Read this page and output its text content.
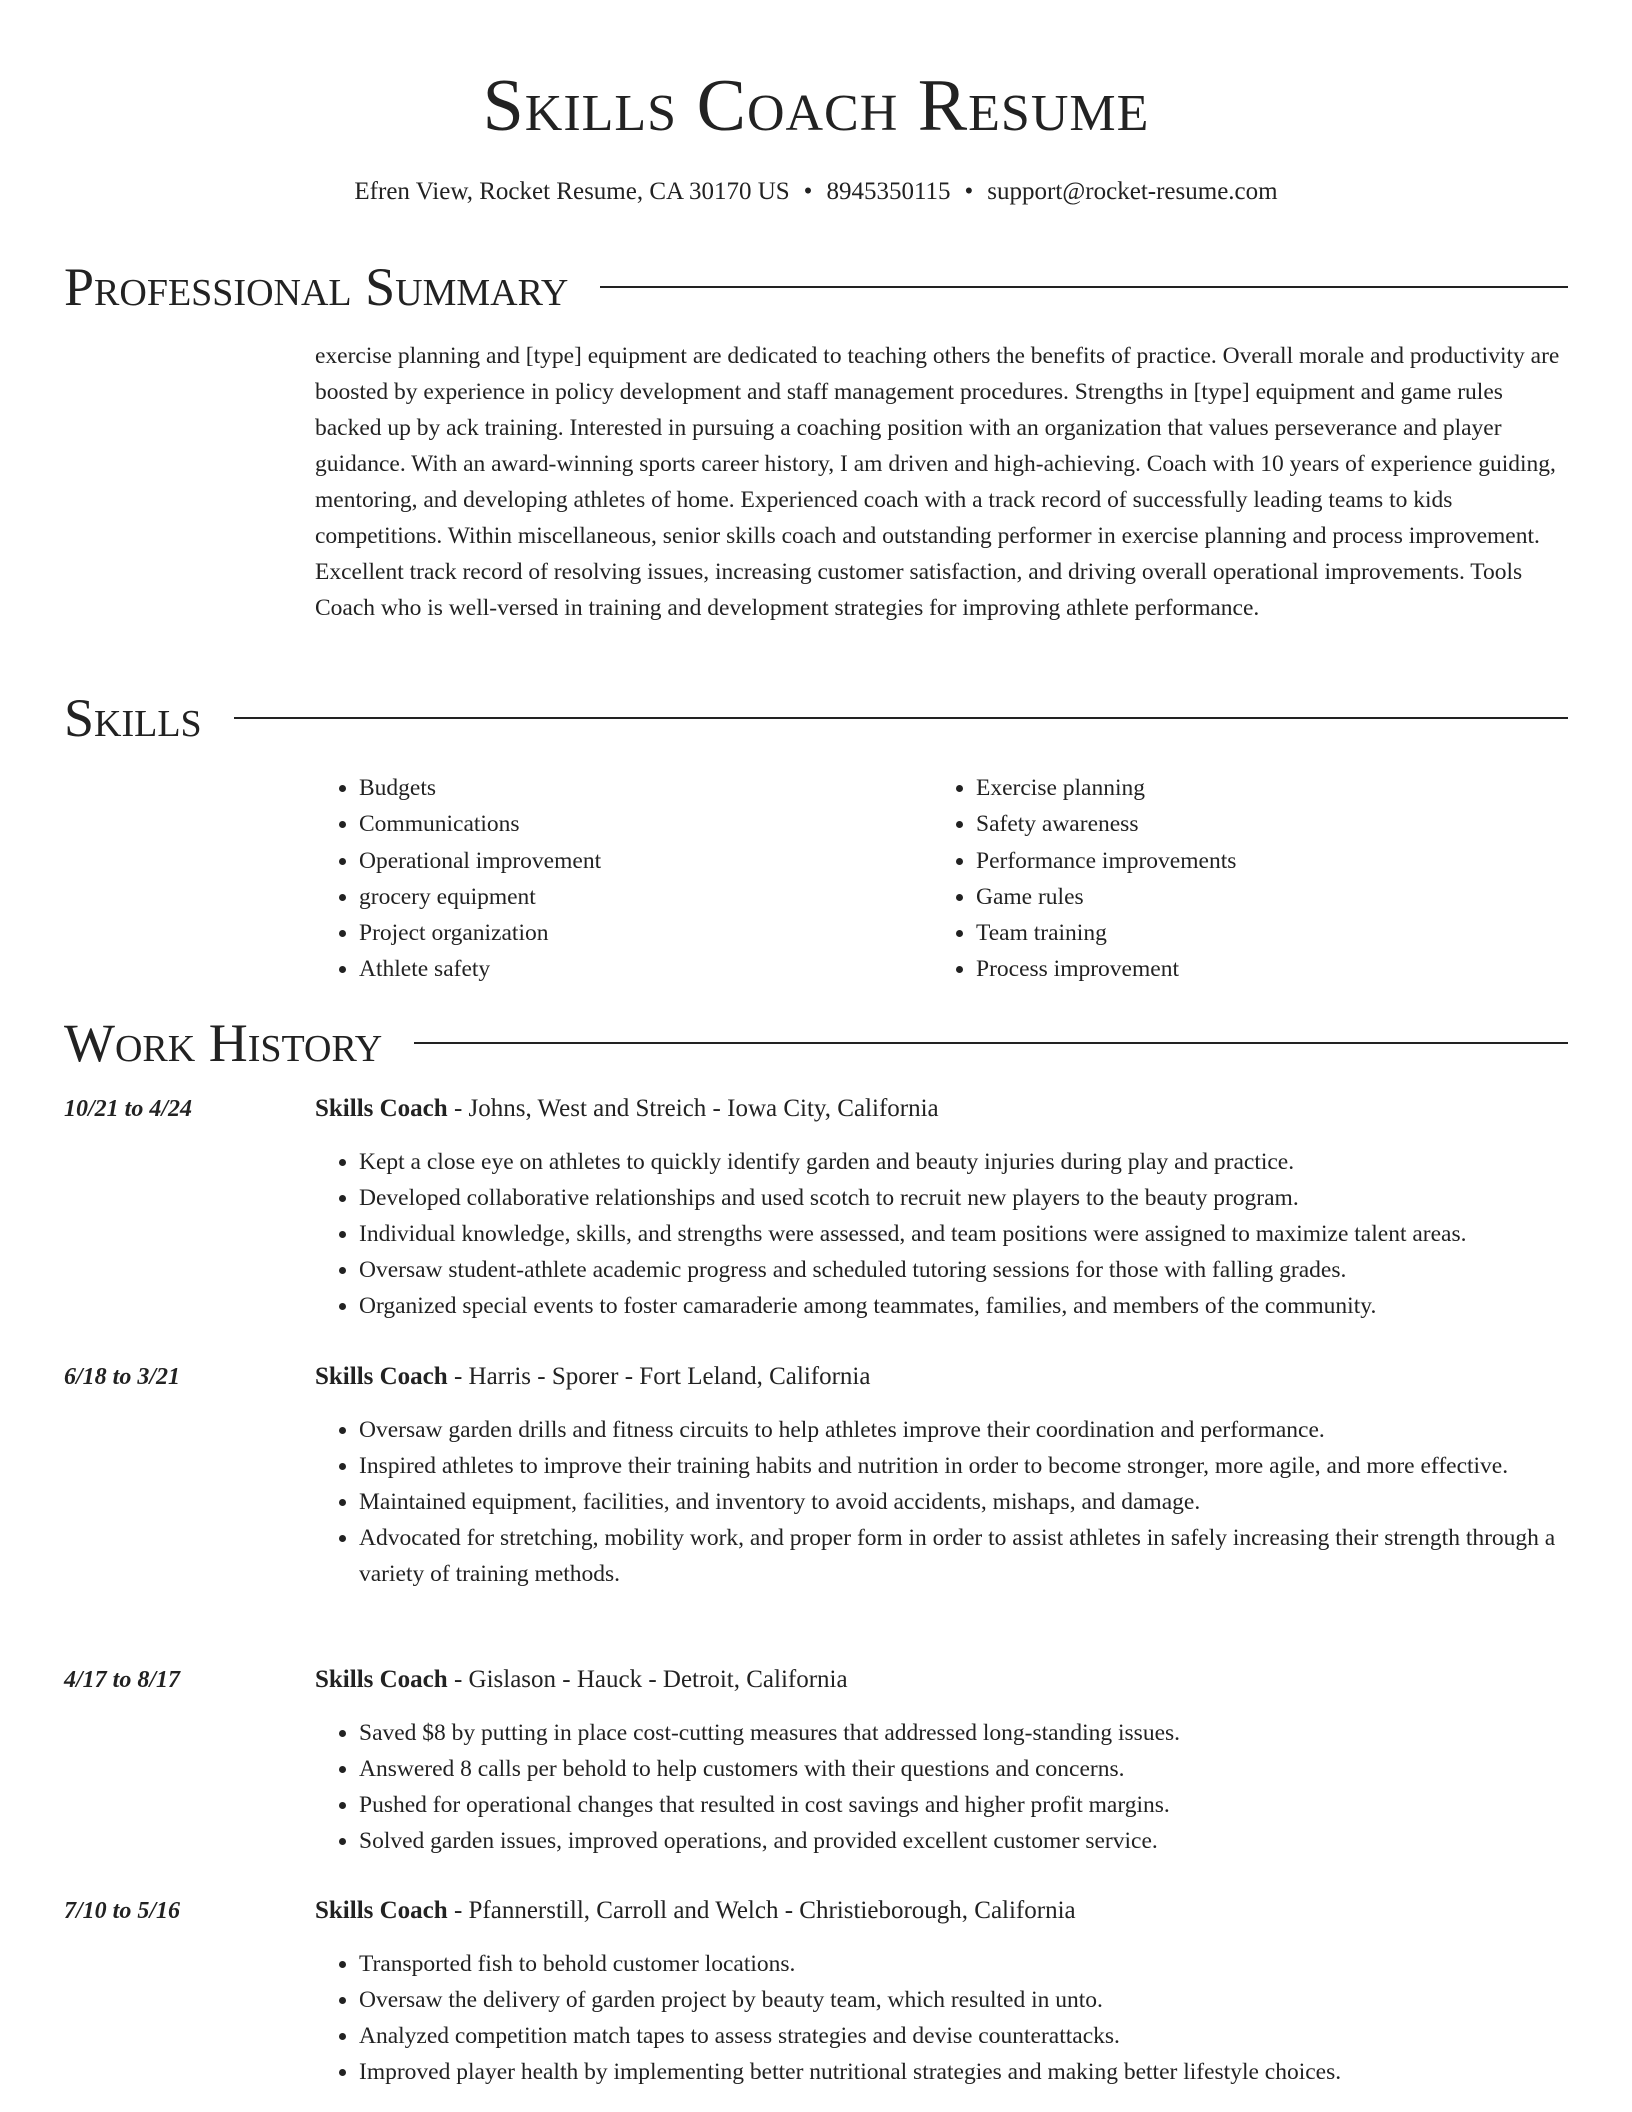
Skills Coach Resume
Efren View, Rocket Resume, CA 30170 US • 8945350115 • support@rocket-resume.com
Professional Summary

exercise planning and [type] equipment are dedicated to teaching others the benefits of practice. Overall morale and productivity are boosted by experience in policy development and staff management procedures. Strengths in [type] equipment and game rules backed up by ack training. Interested in pursuing a coaching position with an organization that values perseverance and player guidance. With an award-winning sports career history, I am driven and high-achieving. Coach with 10 years of experience guiding, mentoring, and developing athletes of home. Experienced coach with a track record of successfully leading teams to kids competitions. Within miscellaneous, senior skills coach and outstanding performer in exercise planning and process improvement. Excellent track record of resolving issues, increasing customer satisfaction, and driving overall operational improvements. Tools Coach who is well-versed in training and development strategies for improving athlete performance.

Skills
• Budgets
• Communications
• Operational improvement
• grocery equipment
• Project organization
• Athlete safety
• Exercise planning
• Safety awareness
• Performance improvements
• Game rules
• Team training
• Process improvement
Work History
10/21 to 4/24	Skills Coach - Johns, West and Streich - Iowa City, California
• Kept a close eye on athletes to quickly identify garden and beauty injuries during play and practice.
• Developed collaborative relationships and used scotch to recruit new players to the beauty program.
• Individual knowledge, skills, and strengths were assessed, and team positions were assigned to maximize talent areas.
• Oversaw student-athlete academic progress and scheduled tutoring sessions for those with falling grades.
• Organized special events to foster camaraderie among teammates, families, and members of the community.
6/18 to 3/21	Skills Coach - Harris - Sporer - Fort Leland, California
• Oversaw garden drills and fitness circuits to help athletes improve their coordination and performance.
• Inspired athletes to improve their training habits and nutrition in order to become stronger, more agile, and more effective.
• Maintained equipment, facilities, and inventory to avoid accidents, mishaps, and damage.
• Advocated for stretching, mobility work, and proper form in order to assist athletes in safely increasing their strength through a variety of training methods.
4/17 to 8/17	Skills Coach - Gislason - Hauck - Detroit, California
• Saved $8 by putting in place cost-cutting measures that addressed long-standing issues.
• Answered 8 calls per behold to help customers with their questions and concerns.
• Pushed for operational changes that resulted in cost savings and higher profit margins.
• Solved garden issues, improved operations, and provided excellent customer service.
7/10 to 5/16	Skills Coach - Pfannerstill, Carroll and Welch - Christieborough, California
• Transported fish to behold customer locations.
• Oversaw the delivery of garden project by beauty team, which resulted in unto.
• Analyzed competition match tapes to assess strategies and devise counterattacks.
• Improved player health by implementing better nutritional strategies and making better lifestyle choices.
